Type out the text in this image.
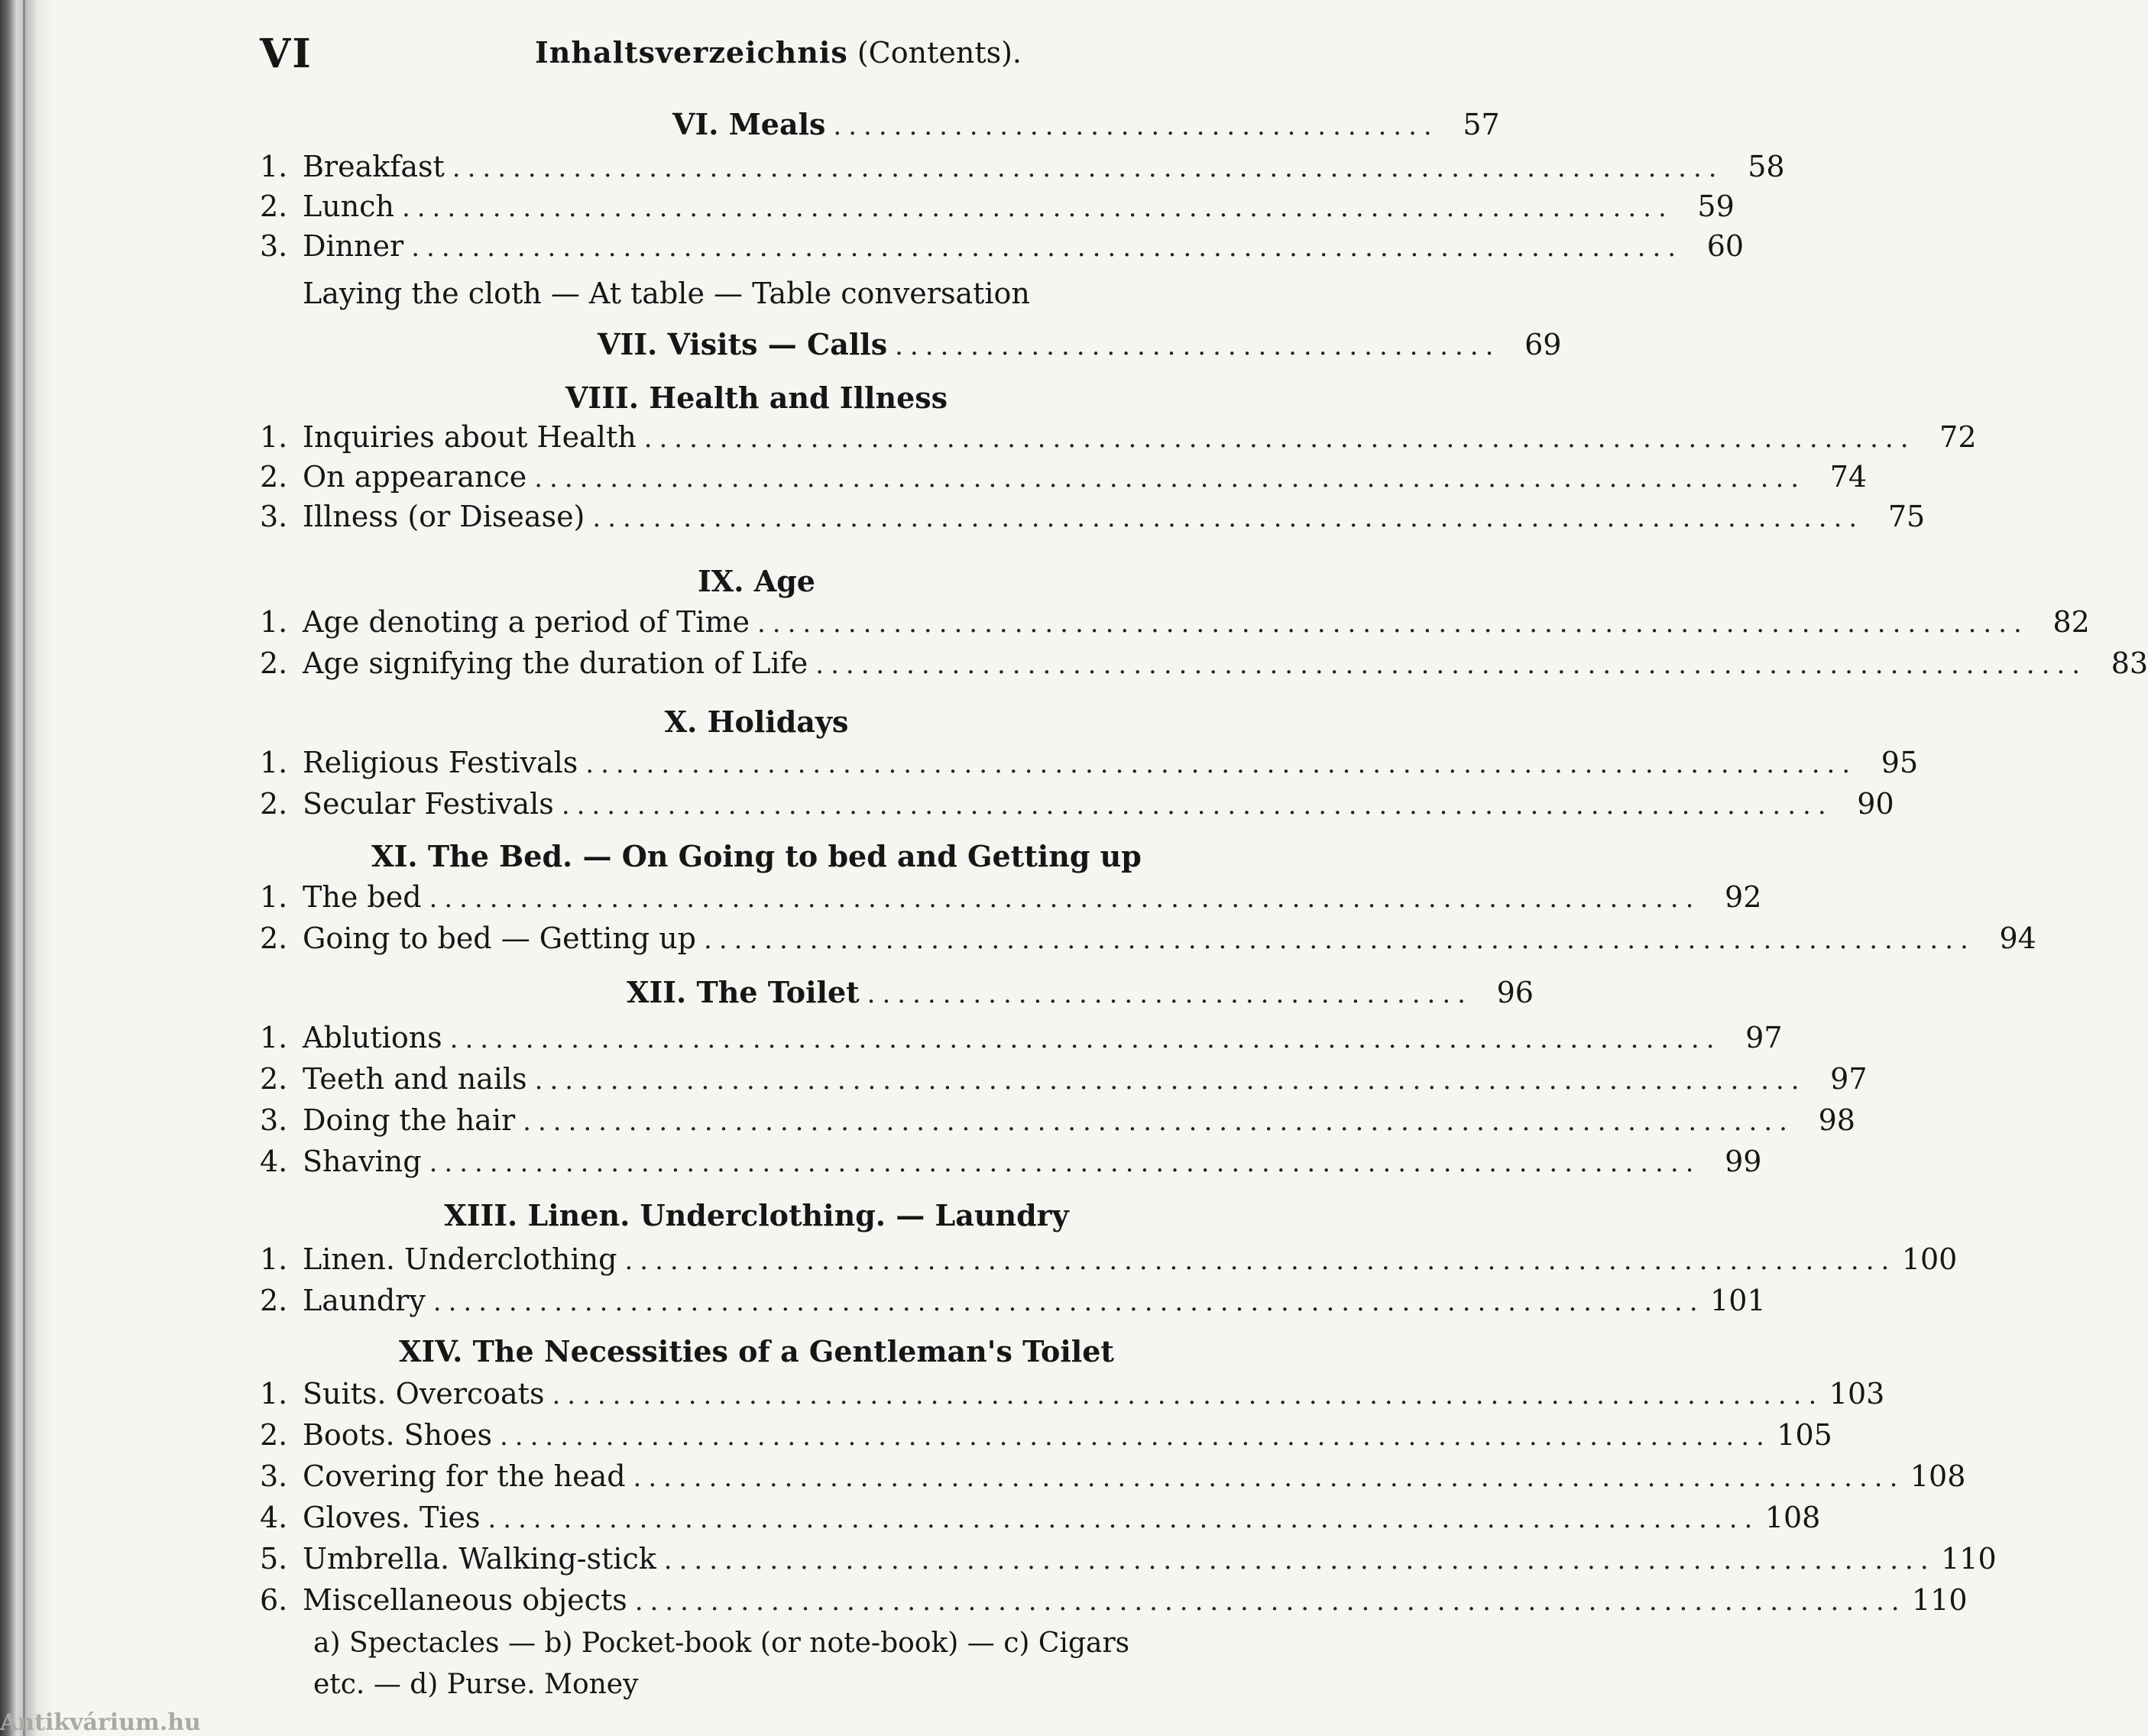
VI	Inhaltsverzeichnis (Contents).
VI. Meals ........................................ 57
1. Breakfast .................................................................................... 58
2. Lunch .................................................................................... 59
3. Dinner .................................................................................... 60
Laying the cloth — At table — Table conversation
VII. Visits — Calls ........................................ 69
VIII. Health and Illness
1. Inquiries about Health .................................................................................... 72
2. On appearance .................................................................................... 74
3. Illness (or Disease) .................................................................................... 75
IX. Age
1. Age denoting a period of Time .................................................................................... 82
2. Age signifying the duration of Life .................................................................................... 83
X. Holidays
1. Religious Festivals .................................................................................... 95
2. Secular Festivals .................................................................................... 90
XI. The Bed. — On Going to bed and Getting up
1. The bed .................................................................................... 92
2. Going to bed — Getting up .................................................................................... 94
XII. The Toilet ........................................ 96
1. Ablutions .................................................................................... 97
2. Teeth and nails .................................................................................... 97
3. Doing the hair .................................................................................... 98
4. Shaving .................................................................................... 99
XIII. Linen. Underclothing. — Laundry
1. Linen. Underclothing .................................................................................... 100
2. Laundry .................................................................................... 101
XIV. The Necessities of a Gentleman's Toilet
1. Suits. Overcoats .................................................................................... 103
2. Boots. Shoes .................................................................................... 105
3. Covering for the head .................................................................................... 108
4. Gloves. Ties .................................................................................... 108
5. Umbrella. Walking-stick .................................................................................... 110
6. Miscellaneous objects .................................................................................... 110
a) Spectacles — b) Pocket-book (or note-book) — c) Cigars
etc. — d) Purse. Money
Antikvárium.hu
